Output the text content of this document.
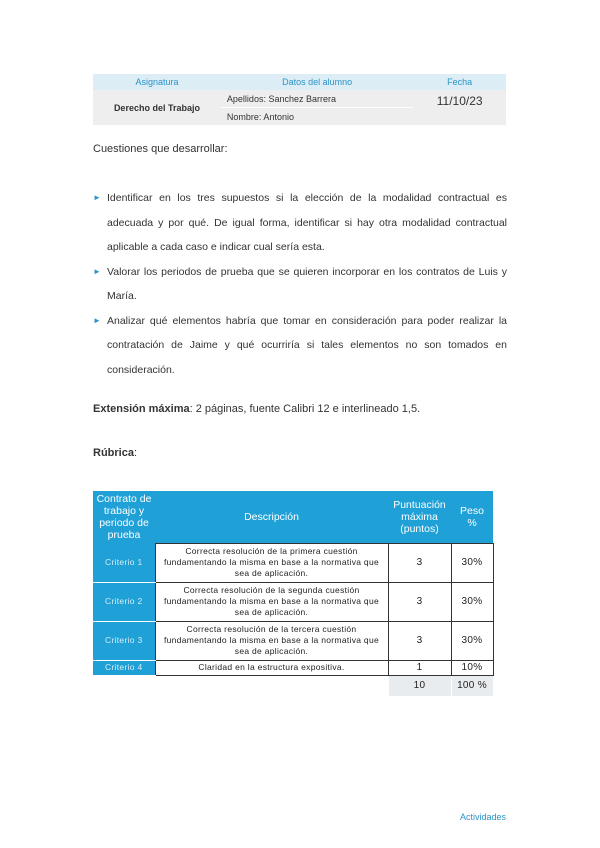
Asignatura	Datos del alumno	Fecha
Derecho del Trabajo	Apellidos: Sanchez Barrera	11/10/23
	Nombre: Antonio	
Cuestiones que desarrollar:
► Identificar en los tres supuestos si la elección de la modalidad contractual es adecuada y por qué. De igual forma, identificar si hay otra modalidad contractual aplicable a cada caso e indicar cual sería esta.
► Valorar los periodos de prueba que se quieren incorporar en los contratos de Luis y María.
► Analizar qué elementos habría que tomar en consideración para poder realizar la contratación de Jaime y qué ocurriría si tales elementos no son tomados en consideración.
Extensión máxima: 2 páginas, fuente Calibri 12 e interlineado 1,5.
Rúbrica:
Contrato de trabajo y periodo de prueba	Descripción	Puntuación máxima (puntos)	Peso %
Criterio 1	Correcta resolución de la primera cuestión fundamentando la misma en base a la normativa que sea de aplicación.	3	30%
Criterio 2	Correcta resolución de la segunda cuestión fundamentando la misma en base a la normativa que sea de aplicación.	3	30%
Criterio 3	Correcta resolución de la tercera cuestión fundamentando la misma en base a la normativa que sea de aplicación.	3	30%
Criterio 4	Claridad en la estructura expositiva.	1	10%
		10	100 %
Actividades
